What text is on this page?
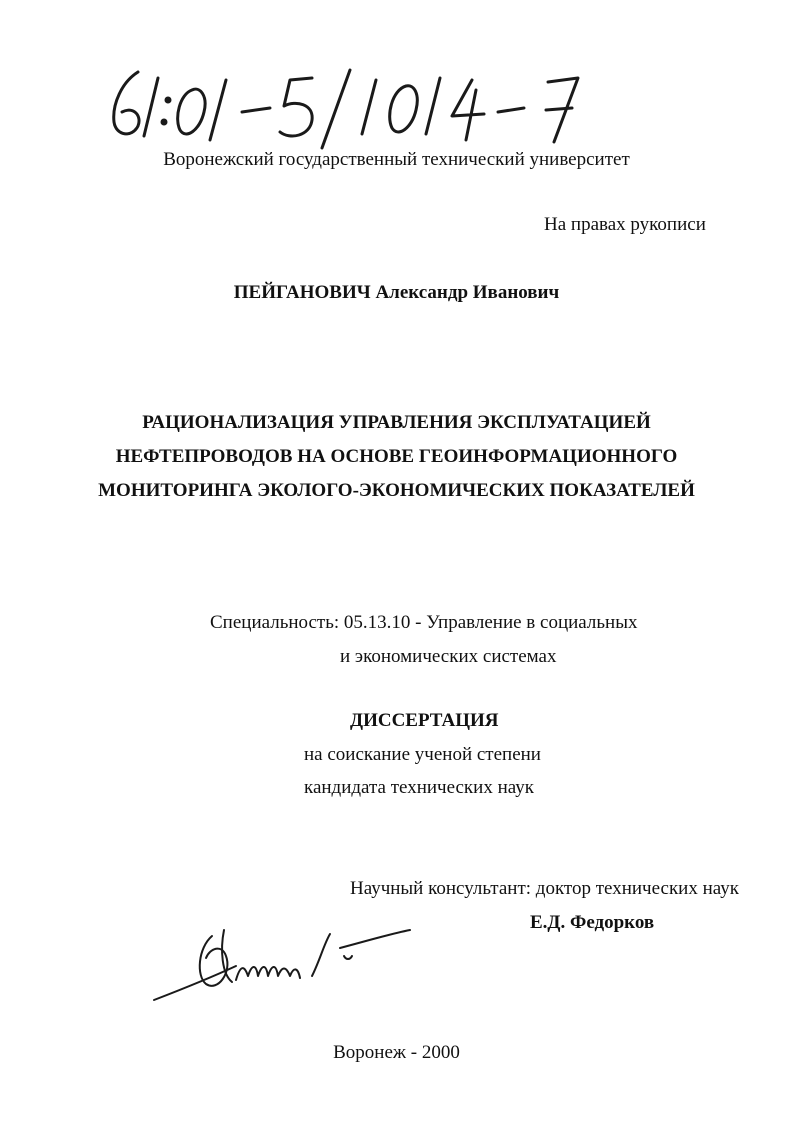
Воронежский государственный технический университет
На правах рукописи
ПЕЙГАНОВИЧ Александр Иванович
РАЦИОНАЛИЗАЦИЯ УПРАВЛЕНИЯ ЭКСПЛУАТАЦИЕЙ
НЕФТЕПРОВОДОВ НА ОСНОВЕ ГЕОИНФОРМАЦИОННОГО
МОНИТОРИНГА ЭКОЛОГО-ЭКОНОМИЧЕСКИХ ПОКАЗАТЕЛЕЙ
Специальность: 05.13.10 - Управление в социальных
и экономических системах
ДИССЕРТАЦИЯ
на соискание ученой степени
кандидата технических наук
Научный консультант: доктор технических наук
Е.Д. Федорков
Воронеж - 2000
